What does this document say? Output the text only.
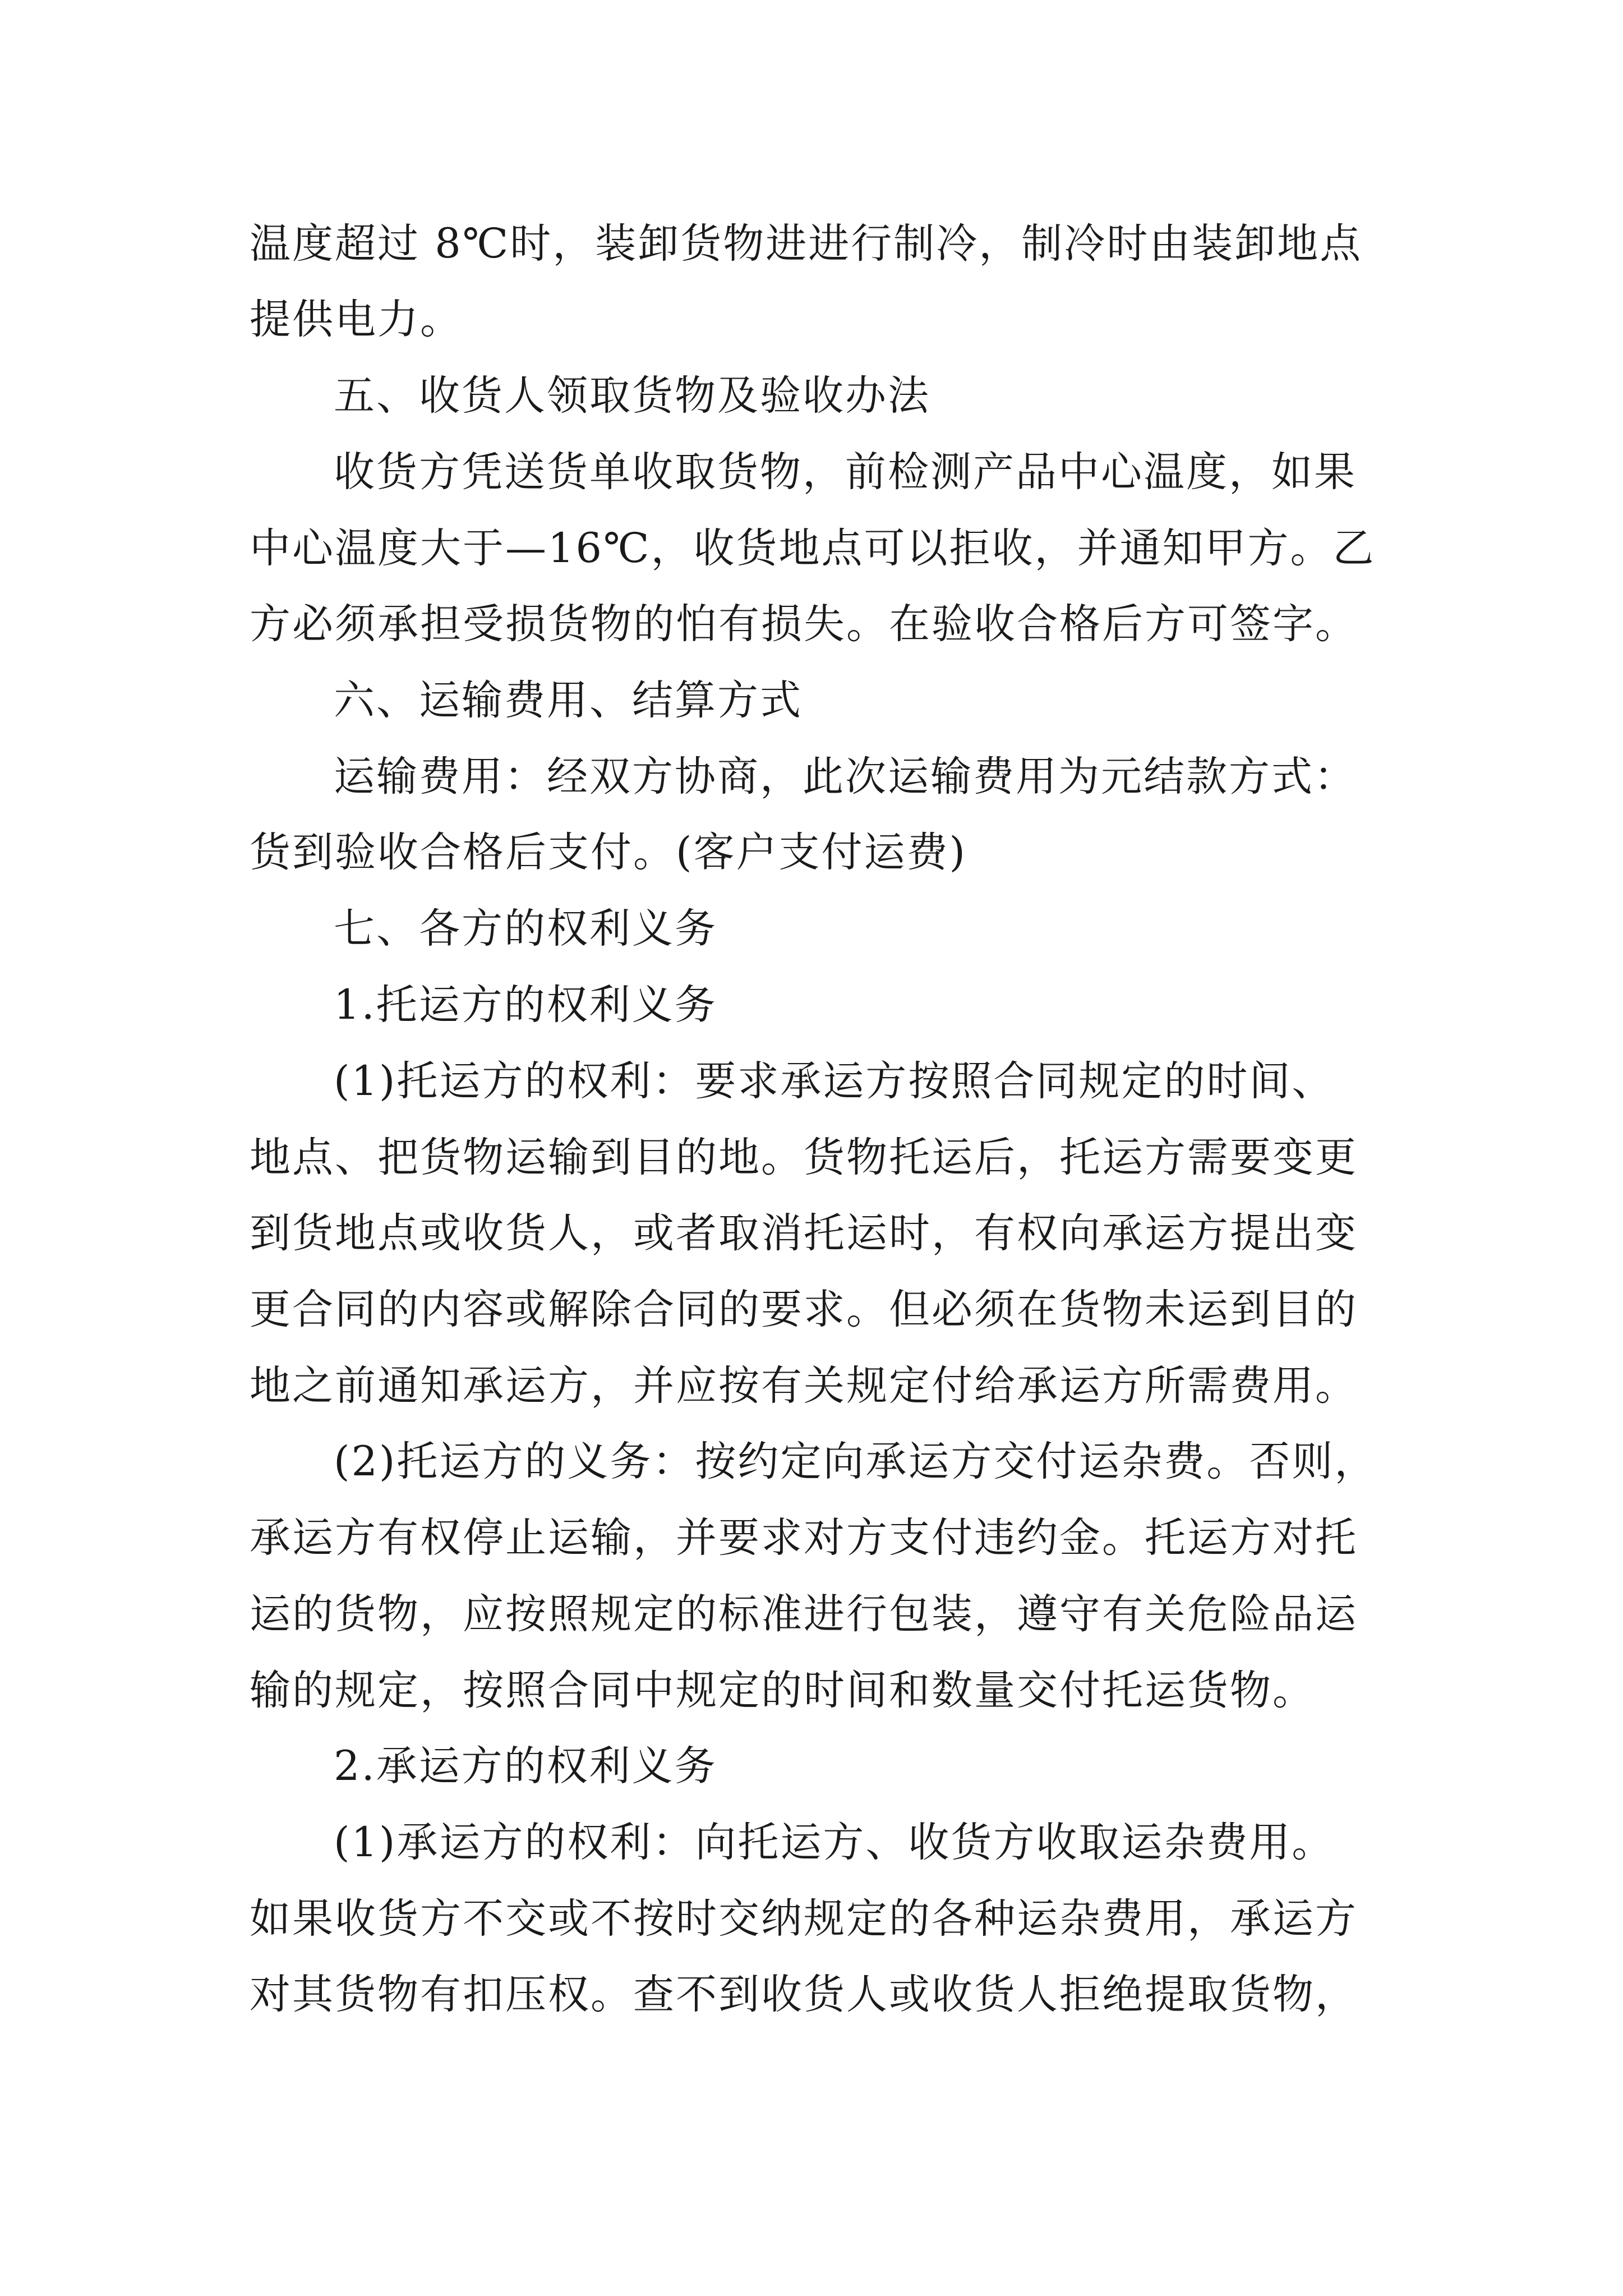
温度超过 8℃时，装卸货物进进行制冷，制冷时由装卸地点
提供电力。
五、收货人领取货物及验收办法
收货方凭送货单收取货物，前检测产品中心温度，如果
中心温度大于—16℃，收货地点可以拒收，并通知甲方。乙
方必须承担受损货物的怕有损失。在验收合格后方可签字。
六、运输费用、结算方式
运输费用：经双方协商，此次运输费用为元结款方式：
货到验收合格后支付。(客户支付运费)
七、各方的权利义务
1.托运方的权利义务
(1)托运方的权利：要求承运方按照合同规定的时间、
地点、把货物运输到目的地。货物托运后，托运方需要变更
到货地点或收货人，或者取消托运时，有权向承运方提出变
更合同的内容或解除合同的要求。但必须在货物未运到目的
地之前通知承运方，并应按有关规定付给承运方所需费用。
(2)托运方的义务：按约定向承运方交付运杂费。否则，
承运方有权停止运输，并要求对方支付违约金。托运方对托
运的货物，应按照规定的标准进行包装，遵守有关危险品运
输的规定，按照合同中规定的时间和数量交付托运货物。
2.承运方的权利义务
(1)承运方的权利：向托运方、收货方收取运杂费用。
如果收货方不交或不按时交纳规定的各种运杂费用，承运方
对其货物有扣压权。查不到收货人或收货人拒绝提取货物，
